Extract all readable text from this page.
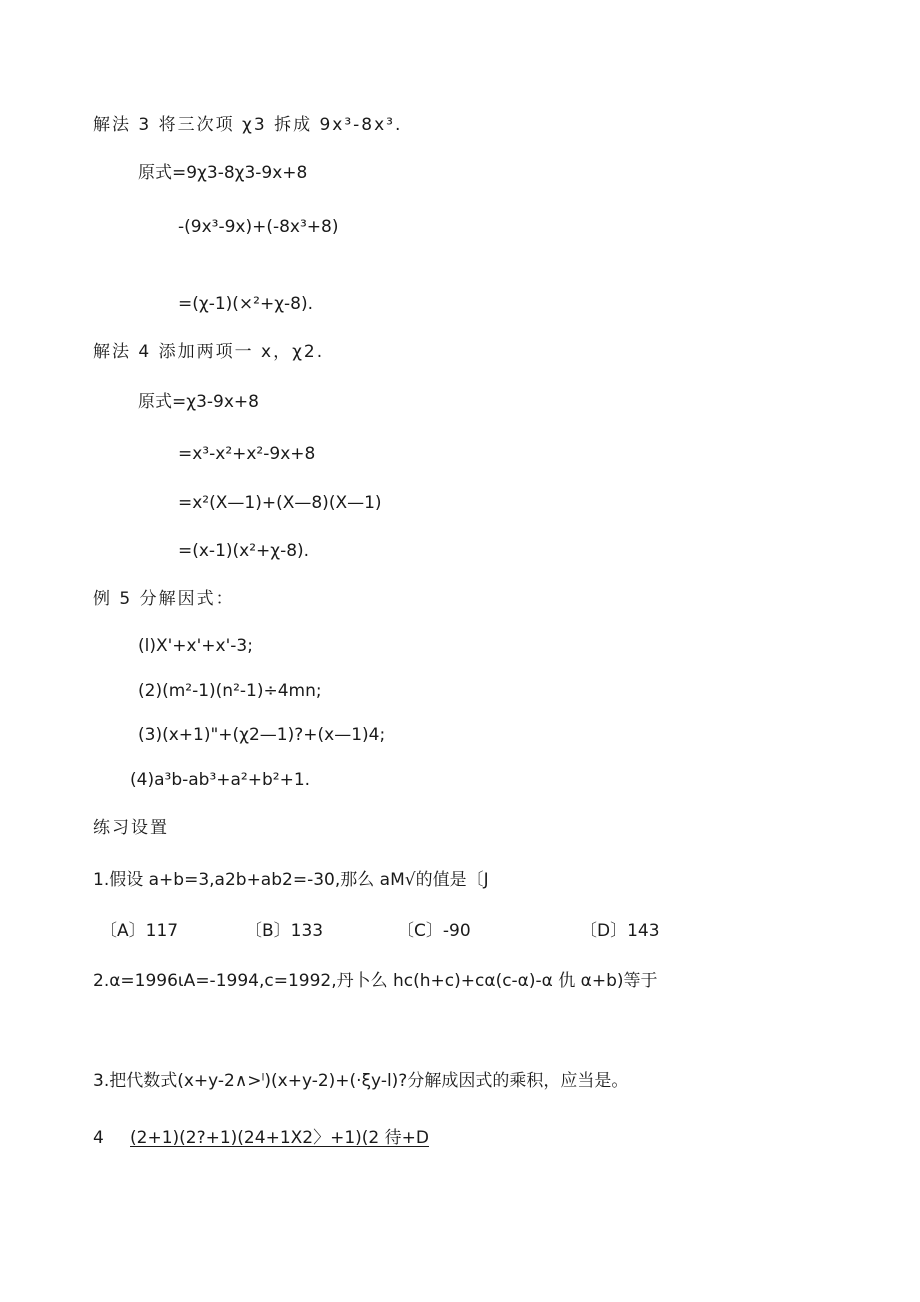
解法 3 将三次项 χ3 拆成 9x³-8x³.
原式=9χ3-8χ3-9x+8
-(9x³-9x)+(-8x³+8)
=(χ-1)(×²+χ-8).
解法 4 添加两项一 x，χ2.
原式=χ3-9x+8
=x³-x²+x²-9x+8
=x²(X—1)+(X—8)(X—1)
=(x-1)(x²+χ-8).
例 5 分解因式：
(l)X'+x'+x'-3;
(2)(m²-1)(n²-1)÷4mn;
(3)(x+1)"+(χ2—1)?+(x—1)4;
(4)a³b-ab³+a²+b²+1.
练习设置
1.假设 a+b=3,a2b+ab2=-30,那么 aM√的值是〔J
〔A〕117	〔B〕133	〔C〕-90	〔D〕143
2.α=1996ιA=-1994,c=1992,丹卜么 hc(h+c)+cα(c-α)-α 仇 α+b)等于
3.把代数式(x+y-2∧>ˡ)(x+y-2)+(·ξy-l)?分解成因式的乘积，应当是。
4 (2+1)(2?+1)(24+1X2〉+1)(2 待+D
